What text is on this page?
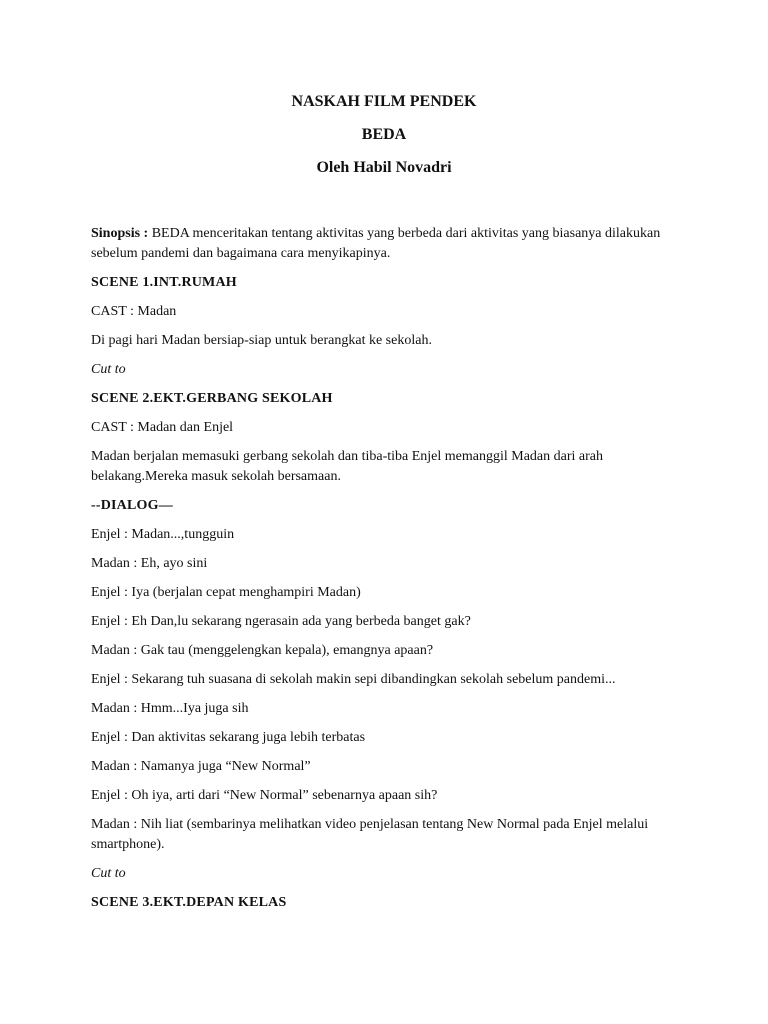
NASKAH FILM PENDEK
BEDA
Oleh Habil Novadri

Sinopsis : BEDA menceritakan tentang aktivitas yang berbeda dari aktivitas yang biasanya dilakukan sebelum pandemi dan bagaimana cara menyikapinya.

SCENE 1.INT.RUMAH

CAST : Madan

Di pagi hari Madan bersiap-siap untuk berangkat ke sekolah.

Cut to

SCENE 2.EKT.GERBANG SEKOLAH

CAST : Madan dan Enjel

Madan berjalan memasuki gerbang sekolah dan tiba-tiba Enjel memanggil Madan dari arah belakang.Mereka masuk sekolah bersamaan.

--DIALOG—

Enjel : Madan...,tungguin

Madan : Eh, ayo sini

Enjel : Iya (berjalan cepat menghampiri Madan)

Enjel : Eh Dan,lu sekarang ngerasain ada yang berbeda banget gak?

Madan : Gak tau (menggelengkan kepala), emangnya apaan?

Enjel : Sekarang tuh suasana di sekolah makin sepi dibandingkan sekolah sebelum pandemi...

Madan : Hmm...Iya juga sih

Enjel : Dan aktivitas sekarang juga lebih terbatas

Madan : Namanya juga “New Normal”

Enjel : Oh iya, arti dari “New Normal” sebenarnya apaan sih?

Madan : Nih liat (sembarinya melihatkan video penjelasan tentang New Normal pada Enjel melalui smartphone).

Cut to

SCENE 3.EKT.DEPAN KELAS
